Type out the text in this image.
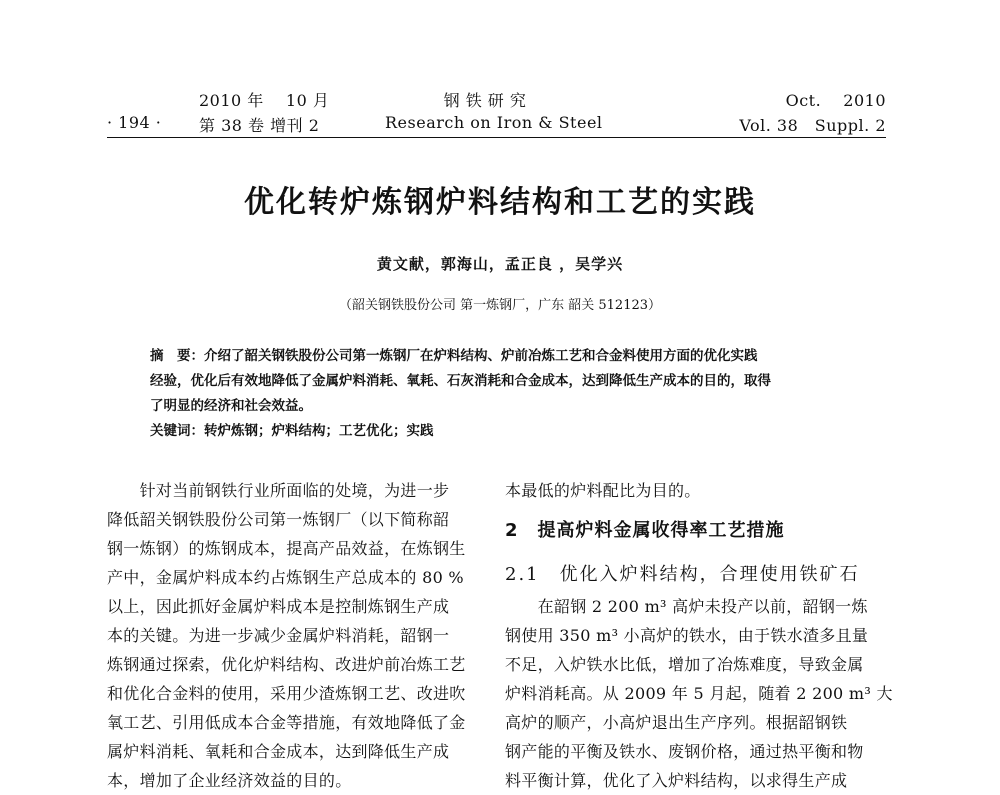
· 194 ·
2010 年　 10 月
第 38 卷 增刊 2
钢 铁 研 究
Research on Iron & Steel
Oct.　 2010
Vol. 38　Suppl. 2
优化转炉炼钢炉料结构和工艺的实践
黄文献，郭海山，孟正良 ，吴学兴
（韶关钢铁股份公司 第一炼钢厂，广东 韶关 512123）
摘　要：介绍了韶关钢铁股份公司第一炼钢厂在炉料结构、炉前冶炼工艺和合金料使用方面的优化实践
经验，优化后有效地降低了金属炉料消耗、氧耗、石灰消耗和合金成本，达到降低生产成本的目的，取得
了明显的经济和社会效益。
关键词：转炉炼钢；炉料结构；工艺优化；实践
　　针对当前钢铁行业所面临的处境，为进一步
降低韶关钢铁股份公司第一炼钢厂（以下简称韶
钢一炼钢）的炼钢成本，提高产品效益，在炼钢生
产中，金属炉料成本约占炼钢生产总成本的 80 %
以上，因此抓好金属炉料成本是控制炼钢生产成
本的关键。为进一步减少金属炉料消耗，韶钢一
炼钢通过探索，优化炉料结构、改进炉前冶炼工艺
和优化合金料的使用，采用少渣炼钢工艺、改进吹
氧工艺、引用低成本合金等措施，有效地降低了金
属炉料消耗、氧耗和合金成本，达到降低生产成
本，增加了企业经济效益的目的。
本最低的炉料配比为目的。
2　提高炉料金属收得率工艺措施
2.1　优化入炉料结构，合理使用铁矿石
　　在韶钢 2 200 m³ 高炉未投产以前，韶钢一炼
钢使用 350 m³ 小高炉的铁水，由于铁水渣多且量
不足，入炉铁水比低，增加了冶炼难度，导致金属
炉料消耗高。从 2009 年 5 月起，随着 2 200 m³ 大
高炉的顺产，小高炉退出生产序列。根据韶钢铁
钢产能的平衡及铁水、废钢价格，通过热平衡和物
料平衡计算，优化了入炉料结构，以求得生产成
